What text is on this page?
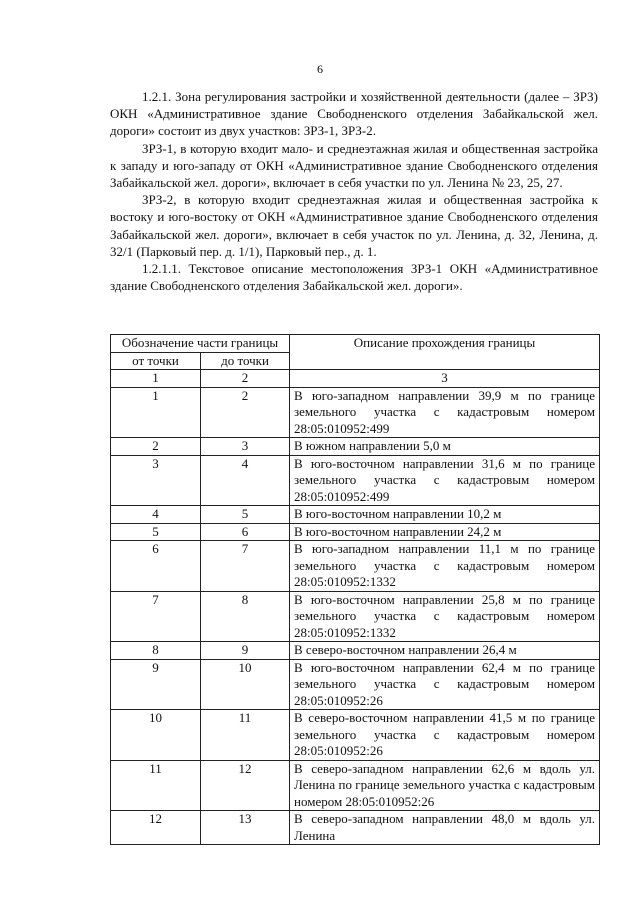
6

1.2.1. Зона регулирования застройки и хозяйственной деятельности (далее – ЗРЗ) ОКН «Административное здание Свободненского отделения Забайкальской жел. дороги» состоит из двух участков: ЗРЗ-1, ЗРЗ-2.

ЗРЗ-1, в которую входит мало- и среднеэтажная жилая и общественная застройка к западу и юго-западу от ОКН «Административное здание Свободненского отделения Забайкальской жел. дороги», включает в себя участки по ул. Ленина № 23, 25, 27.

ЗРЗ-2, в которую входит среднеэтажная жилая и общественная застройка к востоку и юго-востоку от ОКН «Административное здание Свободненского отделения Забайкальской жел. дороги», включает в себя участок по ул. Ленина, д. 32, Ленина, д. 32/1 (Парковый пер. д. 1/1), Парковый пер., д. 1.

1.2.1.1. Текстовое описание местоположения ЗРЗ-1 ОКН «Административное здание Свободненского отделения Забайкальской жел. дороги».

Обозначение части границы		Описание прохождения границы
от точки	до точки	
1	2	3
1	2	В юго-западном направлении 39,9 м по границе земельного участка с кадастровым номером 28:05:010952:499
2	3	В южном направлении 5,0 м
3	4	В юго-восточном направлении 31,6 м по границе земельного участка с кадастровым номером 28:05:010952:499
4	5	В юго-восточном направлении 10,2 м
5	6	В юго-восточном направлении 24,2 м
6	7	В юго-западном направлении 11,1 м по границе земельного участка с кадастровым номером 28:05:010952:1332
7	8	В юго-восточном направлении 25,8 м по границе земельного участка с кадастровым номером 28:05:010952:1332
8	9	В северо-восточном направлении 26,4 м
9	10	В юго-восточном направлении 62,4 м по границе земельного участка с кадастровым номером 28:05:010952:26
10	11	В северо-восточном направлении 41,5 м по границе земельного участка с кадастровым номером 28:05:010952:26
11	12	В северо-западном направлении 62,6 м вдоль ул. Ленина по границе земельного участка с кадастровым номером 28:05:010952:26
12	13	В северо-западном направлении 48,0 м вдоль ул. Ленина
